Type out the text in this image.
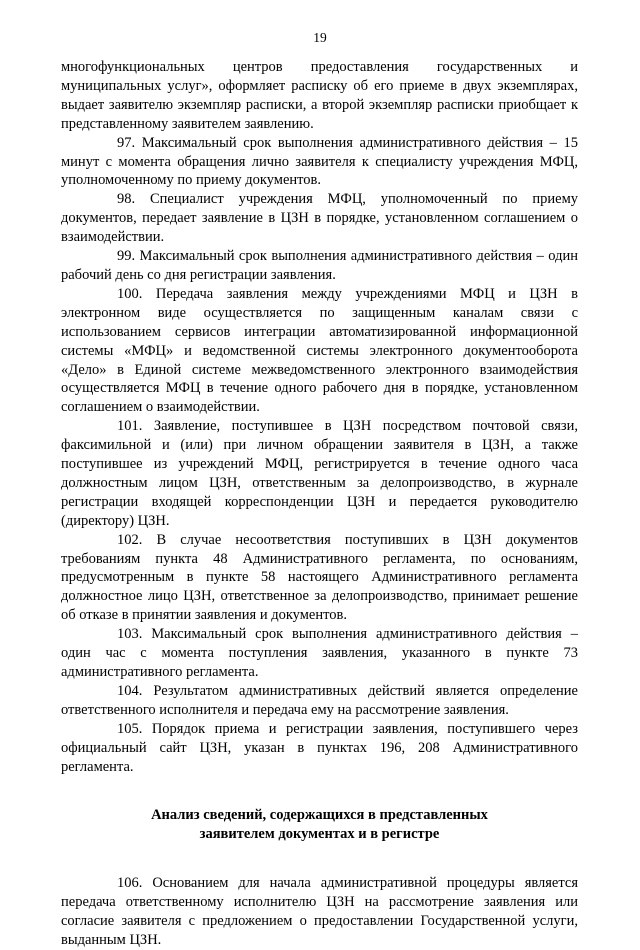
19

многофункциональных центров предоставления государственных и муниципальных услуг», оформляет расписку об его приеме в двух экземплярах, выдает заявителю экземпляр расписки, а второй экземпляр расписки приобщает к представленному заявителем заявлению.

97. Максимальный срок выполнения административного действия – 15 минут с момента обращения лично заявителя к специалисту учреждения МФЦ, уполномоченному по приему документов.

98. Специалист учреждения МФЦ, уполномоченный по приему документов, передает заявление в ЦЗН в порядке, установленном соглашением о взаимодействии.

99. Максимальный срок выполнения административного действия – один рабочий день со дня регистрации заявления.

100. Передача заявления между учреждениями МФЦ и ЦЗН в электронном виде осуществляется по защищенным каналам связи с использованием сервисов интеграции автоматизированной информационной системы «МФЦ» и ведомственной системы электронного документооборота «Дело» в Единой системе межведомственного электронного взаимодействия осуществляется МФЦ в течение одного рабочего дня в порядке, установленном соглашением о взаимодействии.

101. Заявление, поступившее в ЦЗН посредством почтовой связи, факсимильной и (или) при личном обращении заявителя в ЦЗН, а также поступившее из учреждений МФЦ, регистрируется в течение одного часа должностным лицом ЦЗН, ответственным за делопроизводство, в журнале регистрации входящей корреспонденции ЦЗН и передается руководителю (директору) ЦЗН.

102. В случае несоответствия поступивших в ЦЗН документов требованиям пункта 48 Административного регламента, по основаниям, предусмотренным в пункте 58 настоящего Административного регламента должностное лицо ЦЗН, ответственное за делопроизводство, принимает решение об отказе в принятии заявления и документов.

103. Максимальный срок выполнения административного действия – один час с момента поступления заявления, указанного в пункте 73 административного регламента.

104. Результатом административных действий является определение ответственного исполнителя и передача ему на рассмотрение заявления.

105. Порядок приема и регистрации заявления, поступившего через официальный сайт ЦЗН, указан в пунктах 196, 208 Административного регламента.

Анализ сведений, содержащихся в представленных
заявителем документах и в регистре

106. Основанием для начала административной процедуры является передача ответственному исполнителю ЦЗН на рассмотрение заявления или согласие заявителя с предложением о предоставлении Государственной услуги, выданным ЦЗН.
